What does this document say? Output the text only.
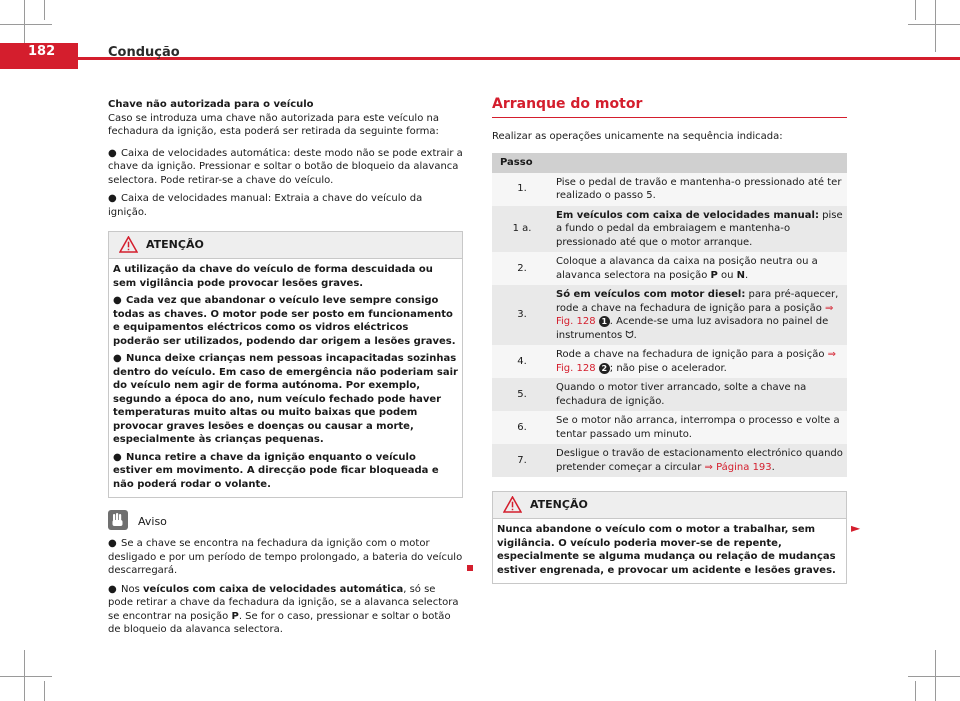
182	Condução

Chave não autorizada para o veículo

Caso se introduza uma chave não autorizada para este veículo na fechadura da ignição, esta poderá ser retirada da seguinte forma:

● Caixa de velocidades automática: deste modo não se pode extrair a chave da ignição. Pressionar e soltar o botão de bloqueio da alavanca selectora. Pode retirar-se a chave do veículo.

● Caixa de velocidades manual: Extraia a chave do veículo da ignição.

ATENÇÃO

A utilização da chave do veículo de forma descuidada ou sem vigilância pode provocar lesões graves.

● Cada vez que abandonar o veículo leve sempre consigo todas as chaves. O motor pode ser posto em funcionamento e equipamentos eléctricos como os vidros eléctricos poderão ser utilizados, podendo dar origem a lesões graves.

● Nunca deixe crianças nem pessoas incapacitadas sozinhas dentro do veículo. Em caso de emergência não poderiam sair do veículo nem agir de forma autónoma. Por exemplo, segundo a época do ano, num veículo fechado pode haver temperaturas muito altas ou muito baixas que podem provocar graves lesões e doenças ou causar a morte, especialmente às crianças pequenas.

● Nunca retire a chave da ignição enquanto o veículo estiver em movimento. A direcção pode ficar bloqueada e não poderá rodar o volante.

Aviso

● Se a chave se encontra na fechadura da ignição com o motor desligado e por um período de tempo prolongado, a bateria do veículo descarregará.

● Nos veículos com caixa de velocidades automática, só se pode retirar a chave da fechadura da ignição, se a alavanca selectora se encontrar na posição P. Se for o caso, pressionar e soltar o botão de bloqueio da alavanca selectora.

Arranque do motor

Realizar as operações unicamente na sequência indicada:

Passo	
1.	Pise o pedal de travão e mantenha-o pressionado até ter realizado o passo 5.
1 a.	Em veículos com caixa de velocidades manual: pise a fundo o pedal da embraiagem e mantenha-o pressionado até que o motor arranque.
2.	Coloque a alavanca da caixa na posição neutra ou a alavanca selectora na posição P ou N.
3.	Só em veículos com motor diesel: para pré-aquecer, rode a chave na fechadura de ignição para a posição ⇒ Fig. 128 1 . Acende-se uma luz avisadora no painel de instrumentos ᗢ.
4.	Rode a chave na fechadura de ignição para a posição ⇒ Fig. 128 2 ; não pise o acelerador.
5.	Quando o motor tiver arrancado, solte a chave na fechadura de ignição.
6.	Se o motor não arranca, interrompa o processo e volte a tentar passado um minuto.
7.	Desligue o travão de estacionamento electrónico quando pretender começar a circular ⇒ Página 193.
ATENÇÃO

Nunca abandone o veículo com o motor a trabalhar, sem vigilância. O veículo poderia mover-se de repente, especialmente se alguma mudança ou relação de mudanças estiver engrenada, e provocar um acidente e lesões graves.

►
